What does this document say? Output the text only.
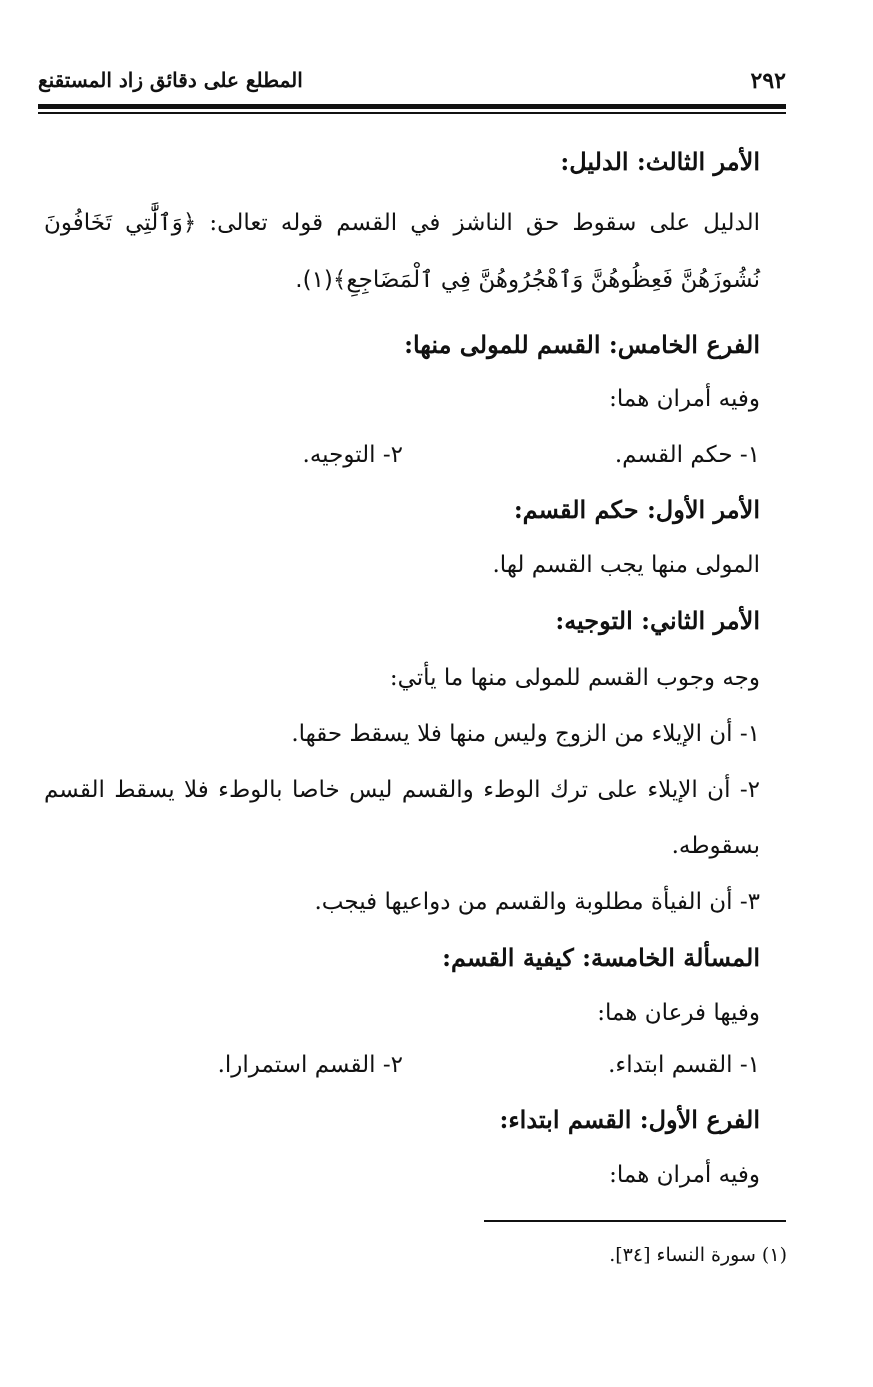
٢٩٢
المطلع على دقائق زاد المستقنع
الأمر الثالث: الدليل:
الدليل على سقوط حق الناشز في القسم قوله تعالى: ﴿وَٱلَّٰتِي تَخَافُونَ
نُشُوزَهُنَّ فَعِظُوهُنَّ وَٱهْجُرُوهُنَّ فِي ٱلْمَضَاجِعِ﴾(١).
الفرع الخامس: القسم للمولى منها:
وفيه أمران هما:
١- حكم القسم.
٢- التوجيه.
الأمر الأول: حكم القسم:
المولى منها يجب القسم لها.
الأمر الثاني: التوجيه:
وجه وجوب القسم للمولى منها ما يأتي:
١- أن الإيلاء من الزوج وليس منها فلا يسقط حقها.
٢- أن الإيلاء على ترك الوطء والقسم ليس خاصا بالوطء فلا يسقط القسم
بسقوطه.
٣- أن الفيأة مطلوبة والقسم من دواعيها فيجب.
المسألة الخامسة: كيفية القسم:
وفيها فرعان هما:
١- القسم ابتداء.
٢- القسم استمرارا.
الفرع الأول: القسم ابتداء:
وفيه أمران هما:
(١) سورة النساء [٣٤].
